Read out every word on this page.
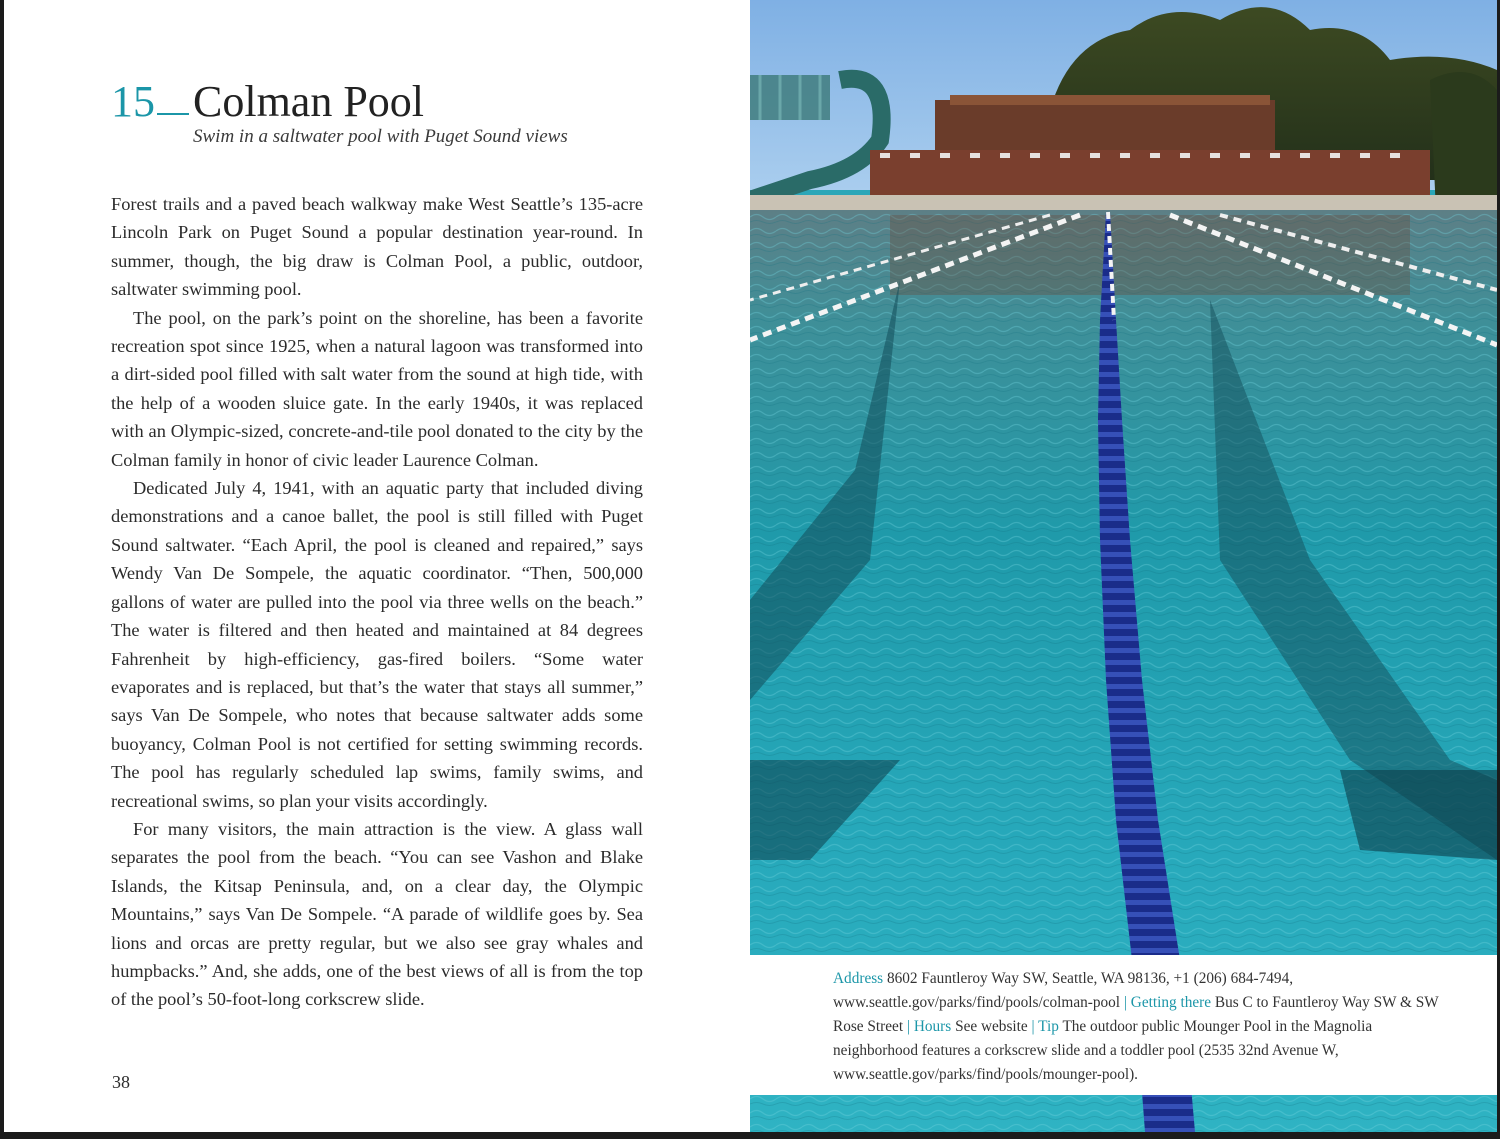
15 Colman Pool
Swim in a saltwater pool with Puget Sound views

Forest trails and a paved beach walkway make West Seattle’s 135-acre Lincoln Park on Puget Sound a popular destination year-round. In summer, though, the big draw is Colman Pool, a public, outdoor, saltwater swimming pool.

The pool, on the park’s point on the shoreline, has been a favorite recreation spot since 1925, when a natural lagoon was transformed into a dirt-sided pool filled with salt water from the sound at high tide, with the help of a wooden sluice gate. In the early 1940s, it was replaced with an Olympic-sized, concrete-and-tile pool donated to the city by the Colman family in honor of civic leader Laurence Colman.

Dedicated July 4, 1941, with an aquatic party that included diving demonstrations and a canoe ballet, the pool is still filled with Puget Sound saltwater. “Each April, the pool is cleaned and repaired,” says Wendy Van De Sompele, the aquatic coordinator. “Then, 500,000 gallons of water are pulled into the pool via three wells on the beach.” The water is filtered and then heated and maintained at 84 degrees Fahrenheit by high-efficiency, gas-fired boilers. “Some water evaporates and is replaced, but that’s the water that stays all summer,” says Van De Sompele, who notes that because saltwater adds some buoyancy, Colman Pool is not certified for setting swimming records. The pool has regularly scheduled lap swims, family swims, and recreational swims, so plan your visits accordingly.

For many visitors, the main attraction is the view. A glass wall separates the pool from the beach. “You can see Vashon and Blake Islands, the Kitsap Peninsula, and, on a clear day, the Olympic Mountains,” says Van De Sompele. “A parade of wildlife goes by. Sea lions and orcas are pretty regular, but we also see gray whales and humpbacks.” And, she adds, one of the best views of all is from the top of the pool’s 50-foot-long corkscrew slide.

38
Address 8602 Fauntleroy Way SW, Seattle, WA 98136, +1 (206) 684-7494, www.seattle.gov/parks/find/pools/colman-pool | Getting there Bus C to Fauntleroy Way SW & SW Rose Street | Hours See website | Tip The outdoor public Mounger Pool in the Magnolia neighborhood features a corkscrew slide and a toddler pool (2535 32nd Avenue W, www.seattle.gov/parks/find/pools/mounger-pool).
